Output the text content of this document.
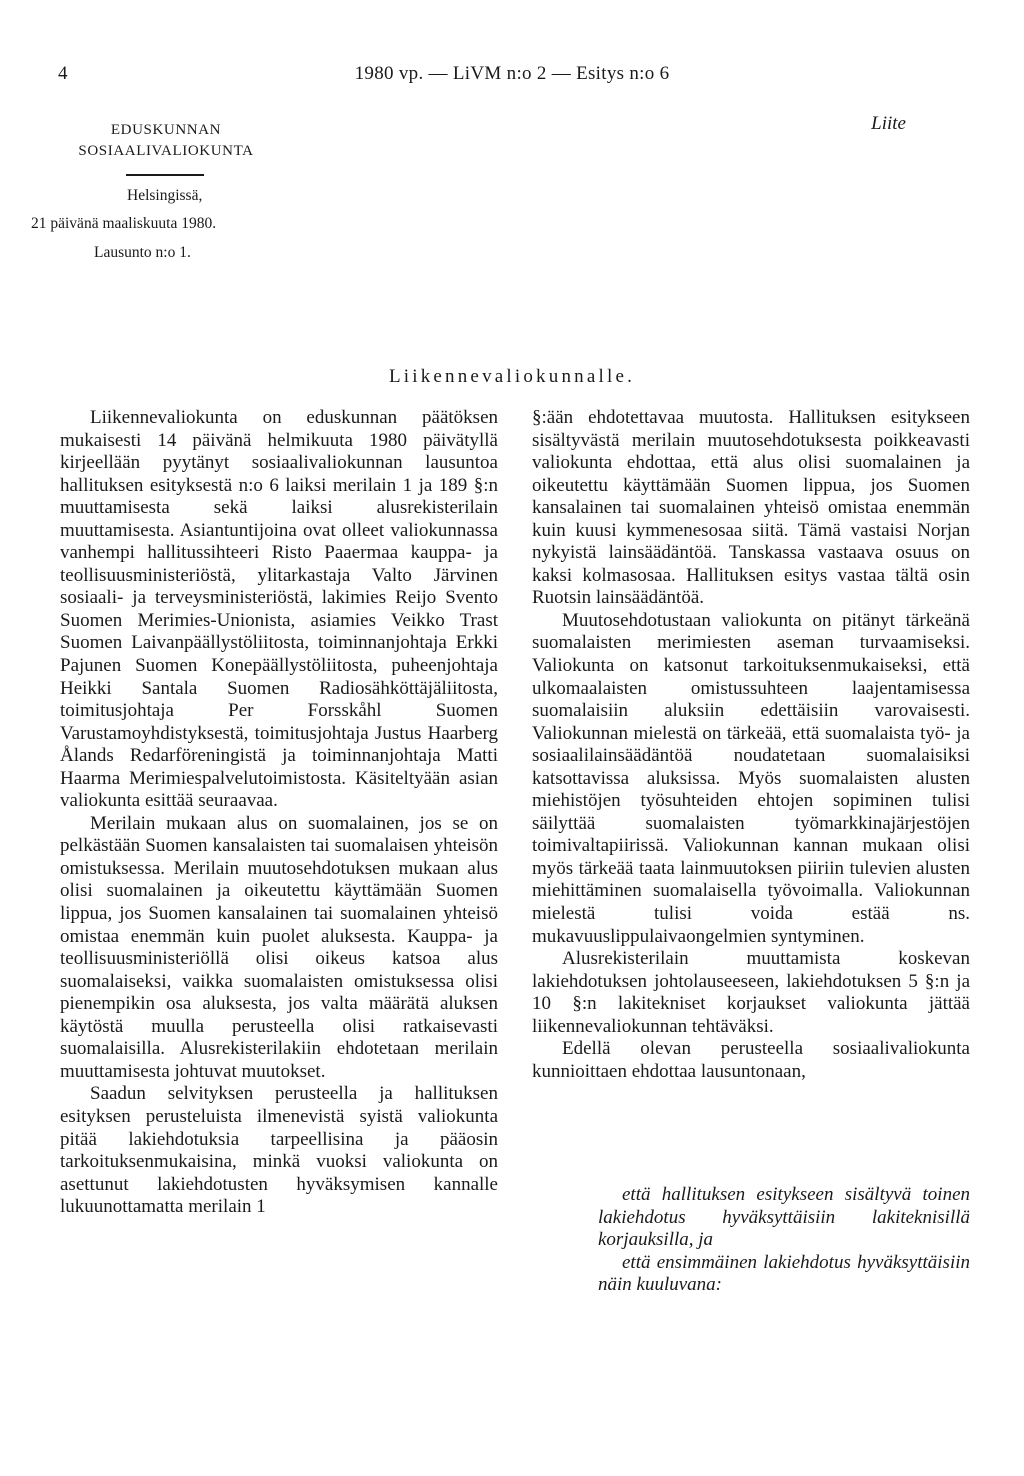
4	1980 vp. — LiVM n:o 2 — Esitys n:o 6
Liite
EDUSKUNNAN
SOSIAALIVALIOKUNTA
Helsingissä,
21 päivänä maaliskuuta 1980.
Lausunto n:o 1.
Liikennevaliokunnalle.

Liikennevaliokunta on eduskunnan päätöksen mukaisesti 14 päivänä helmikuuta 1980 päivätyllä kirjeellään pyytänyt sosiaalivaliokunnan lausuntoa hallituksen esityksestä n:o 6 laiksi merilain 1 ja 189 §:n muuttamisesta sekä laiksi alusrekisterilain muuttamisesta. Asiantuntijoina ovat olleet valiokunnassa vanhempi hallitussihteeri Risto Paaermaa kauppa- ja teollisuusministeriöstä, ylitarkastaja Valto Järvinen sosiaali- ja terveysministeriöstä, lakimies Reijo Svento Suomen Merimies-Unionista, asiamies Veikko Trast Suomen Laivanpäällystöliitosta, toiminnanjohtaja Erkki Pajunen Suomen Konepäällystöliitosta, puheenjohtaja Heikki Santala Suomen Radiosähköttäjäliitosta, toimitusjohtaja Per Forsskåhl Suomen Varustamoyhdistyksestä, toimitusjohtaja Justus Haarberg Ålands Redarföreningistä ja toiminnanjohtaja Matti Haarma Merimiespalvelutoimistosta. Käsiteltyään asian valiokunta esittää seuraavaa.

Merilain mukaan alus on suomalainen, jos se on pelkästään Suomen kansalaisten tai suomalaisen yhteisön omistuksessa. Merilain muutosehdotuksen mukaan alus olisi suomalainen ja oikeutettu käyttämään Suomen lippua, jos Suomen kansalainen tai suomalainen yhteisö omistaa enemmän kuin puolet aluksesta. Kauppa- ja teollisuusministeriöllä olisi oikeus katsoa alus suomalaiseksi, vaikka suomalaisten omistuksessa olisi pienempikin osa aluksesta, jos valta määrätä aluksen käytöstä muulla perusteella olisi ratkaisevasti suomalaisilla. Alusrekisterilakiin ehdotetaan merilain muuttamisesta johtuvat muutokset.

Saadun selvityksen perusteella ja hallituksen esityksen perusteluista ilmenevistä syistä valiokunta pitää lakiehdotuksia tarpeellisina ja pääosin tarkoituksenmukaisina, minkä vuoksi valiokunta on asettunut lakiehdotusten hyväksymisen kannalle lukuunottamatta merilain 1

§:ään ehdotettavaa muutosta. Hallituksen esitykseen sisältyvästä merilain muutosehdotuksesta poikkeavasti valiokunta ehdottaa, että alus olisi suomalainen ja oikeutettu käyttämään Suomen lippua, jos Suomen kansalainen tai suomalainen yhteisö omistaa enemmän kuin kuusi kymmenesosaa siitä. Tämä vastaisi Norjan nykyistä lainsäädäntöä. Tanskassa vastaava osuus on kaksi kolmasosaa. Hallituksen esitys vastaa tältä osin Ruotsin lainsäädäntöä.

Muutosehdotustaan valiokunta on pitänyt tärkeänä suomalaisten merimiesten aseman turvaamiseksi. Valiokunta on katsonut tarkoituksenmukaiseksi, että ulkomaalaisten omistussuhteen laajentamisessa suomalaisiin aluksiin edettäisiin varovaisesti. Valiokunnan mielestä on tärkeää, että suomalaista työ- ja sosiaalilainsäädäntöä noudatetaan suomalaisiksi katsottavissa aluksissa. Myös suomalaisten alusten miehistöjen työsuhteiden ehtojen sopiminen tulisi säilyttää suomalaisten työmarkkinajärjestöjen toimivaltapiirissä. Valiokunnan kannan mukaan olisi myös tärkeää taata lainmuutoksen piiriin tulevien alusten miehittäminen suomalaisella työvoimalla. Valiokunnan mielestä tulisi voida estää ns. mukavuuslippulaivaongelmien syntyminen.

Alusrekisterilain muuttamista koskevan lakiehdotuksen johtolauseeseen, lakiehdotuksen 5 §:n ja 10 §:n lakitekniset korjaukset valiokunta jättää liikennevaliokunnan tehtäväksi.

Edellä olevan perusteella sosiaalivaliokunta kunnioittaen ehdottaa lausuntonaan,

että hallituksen esitykseen sisältyvä toinen lakiehdotus hyväksyttäisiin lakiteknisillä korjauksilla, ja

että ensimmäinen lakiehdotus hyväksyttäisiin näin kuuluvana:
